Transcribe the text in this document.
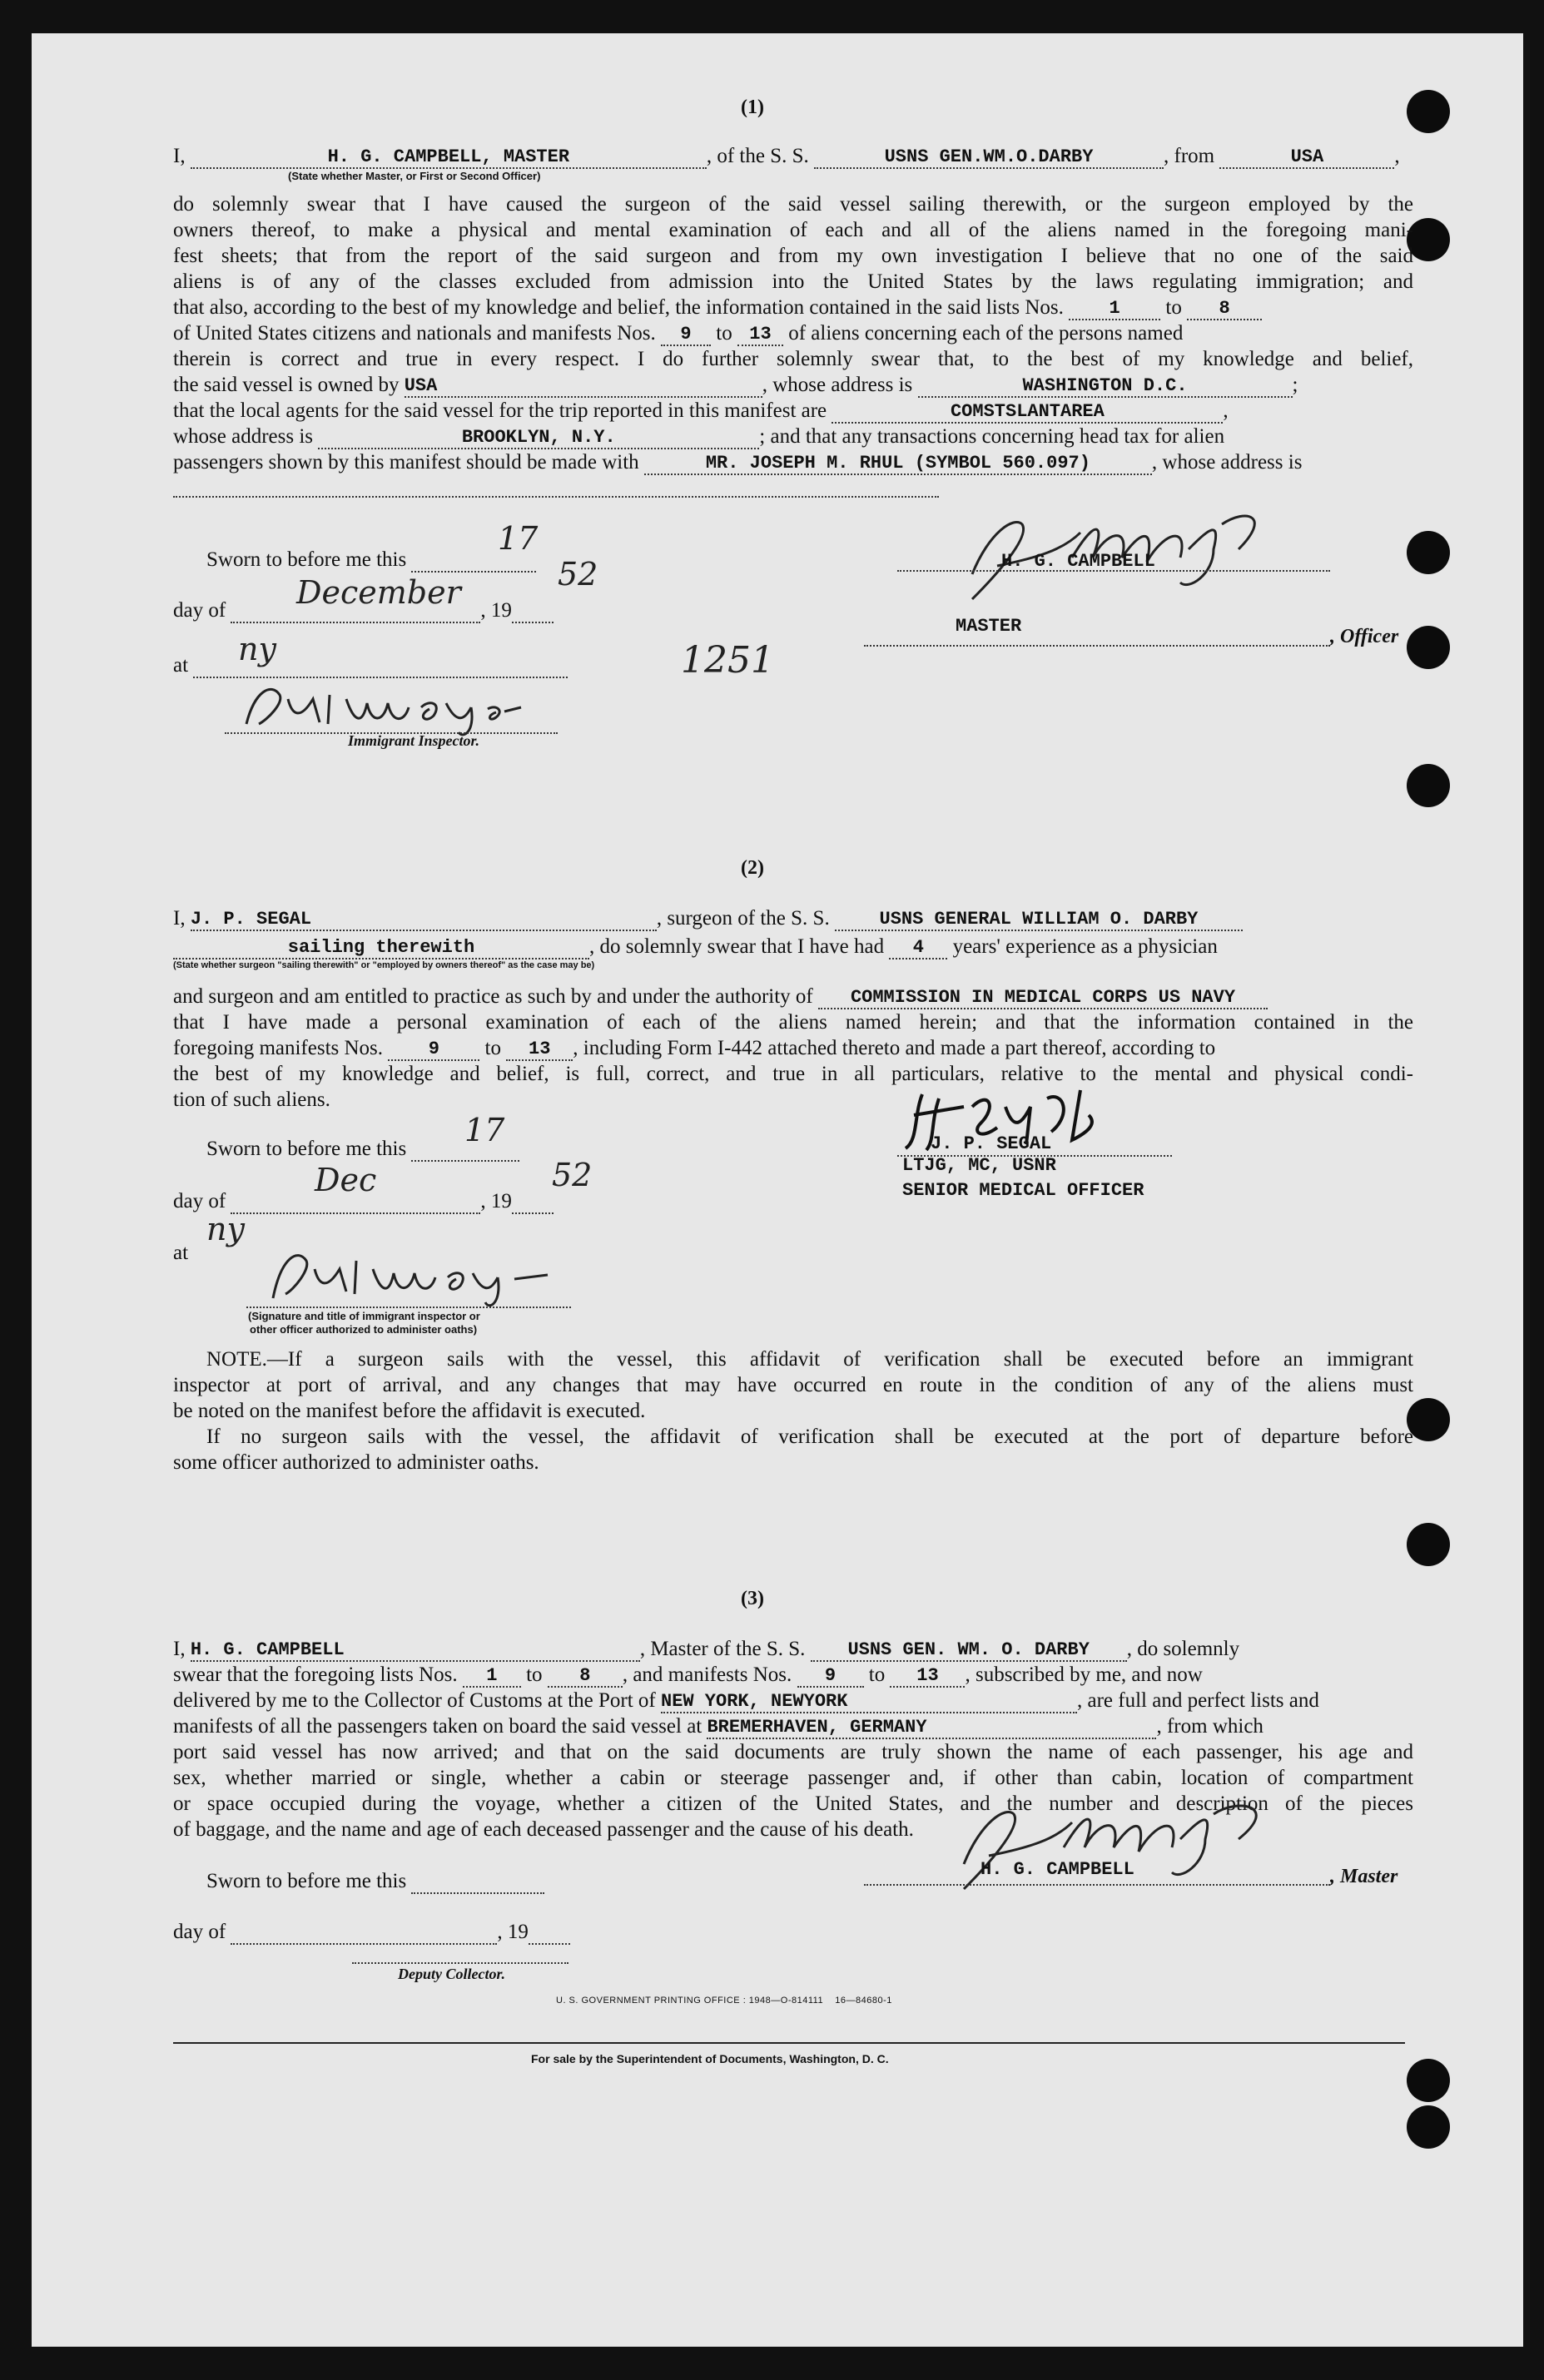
(1)
I,	H. G. CAMPBELL, MASTER	, of the S. S.	USNS GEN.WM.O.DARBY	, from	USA	,
(State whether Master, or First or Second Officer)
do solemnly swear that I have caused the surgeon of the said vessel sailing therewith, or the surgeon employed by the
owners thereof, to make a physical and mental examination of each and all of the aliens named in the foregoing mani-
fest sheets; that from the report of the said surgeon and from my own investigation I believe that no one of the said
aliens is of any of the classes excluded from admission into the United States by the laws regulating immigration; and
that also, according to the best of my knowledge and belief, the information contained in the said lists Nos. 1 to 8
of United States citizens and nationals and manifests Nos. 9 to 13 of aliens concerning each of the persons named
therein is correct and true in every respect. I do further solemnly swear that, to the best of my knowledge and belief,
the said vessel is owned by USA	, whose address is	WASHINGTON D.C.	;
that the local agents for the said vessel for the trip reported in this manifest are	COMSTSLANTAREA	,
whose address is	BROOKLYN, N.Y.	; and that any transactions concerning head tax for alien
passengers shown by this manifest should be made with	MR. JOSEPH M. RHUL (SYMBOL 560.097)	, whose address is
Sworn to before me this
17
day of	, 19
December	52
at	ny	1251
Immigrant Inspector.
H. G. CAMPBELL
MASTER	, Officer
(2)
I, J. P. SEGAL	, surgeon of the S. S.	USNS GENERAL WILLIAM O. DARBY
sailing therewith	, do solemnly swear that I have had 4 years' experience as a physician
(State whether surgeon "sailing therewith" or "employed by owners thereof" as the case may be)
and surgeon and am entitled to practice as such by and under the authority of COMMISSION IN MEDICAL CORPS US NAVY
that I have made a personal examination of each of the aliens named herein; and that the information contained in the
foregoing manifests Nos. 9 to 13 , including Form I-442 attached thereto and made a part thereof, according to
the best of my knowledge and belief, is full, correct, and true in all particulars, relative to the mental and physical condi-
tion of such aliens.
Sworn to before me this
17
day of	, 19
Dec	52
at
ny
(Signature and title of immigrant inspector or
other officer authorized to administer oaths)
J. P. SEGAL
LTJG, MC, USNR
SENIOR MEDICAL OFFICER
NOTE.—If a surgeon sails with the vessel, this affidavit of verification shall be executed before an immigrant
inspector at port of arrival, and any changes that may have occurred en route in the condition of any of the aliens must
be noted on the manifest before the affidavit is executed.
If no surgeon sails with the vessel, the affidavit of verification shall be executed at the port of departure before
some officer authorized to administer oaths.
(3)
I, H. G. CAMPBELL	, Master of the S. S. USNS GEN. WM. O. DARBY , do solemnly
swear that the foregoing lists Nos. 1 to 8 , and manifests Nos. 9 to 13 , subscribed by me, and now
delivered by me to the Collector of Customs at the Port of NEW YORK, NEWYORK	, are full and perfect lists and
manifests of all the passengers taken on board the said vessel at BREMERHAVEN, GERMANY	, from which
port said vessel has now arrived; and that on the said documents are truly shown the name of each passenger, his age and
sex, whether married or single, whether a cabin or steerage passenger and, if other than cabin, location of compartment
or space occupied during the voyage, whether a citizen of the United States, and the number and description of the pieces
of baggage, and the name and age of each deceased passenger and the cause of his death.
Sworn to before me this
day of	, 19
H. G. CAMPBELL	, Master
Deputy Collector.
U. S. GOVERNMENT PRINTING OFFICE : 1948—O-814111    16—84680-1
For sale by the Superintendent of Documents, Washington, D. C.
